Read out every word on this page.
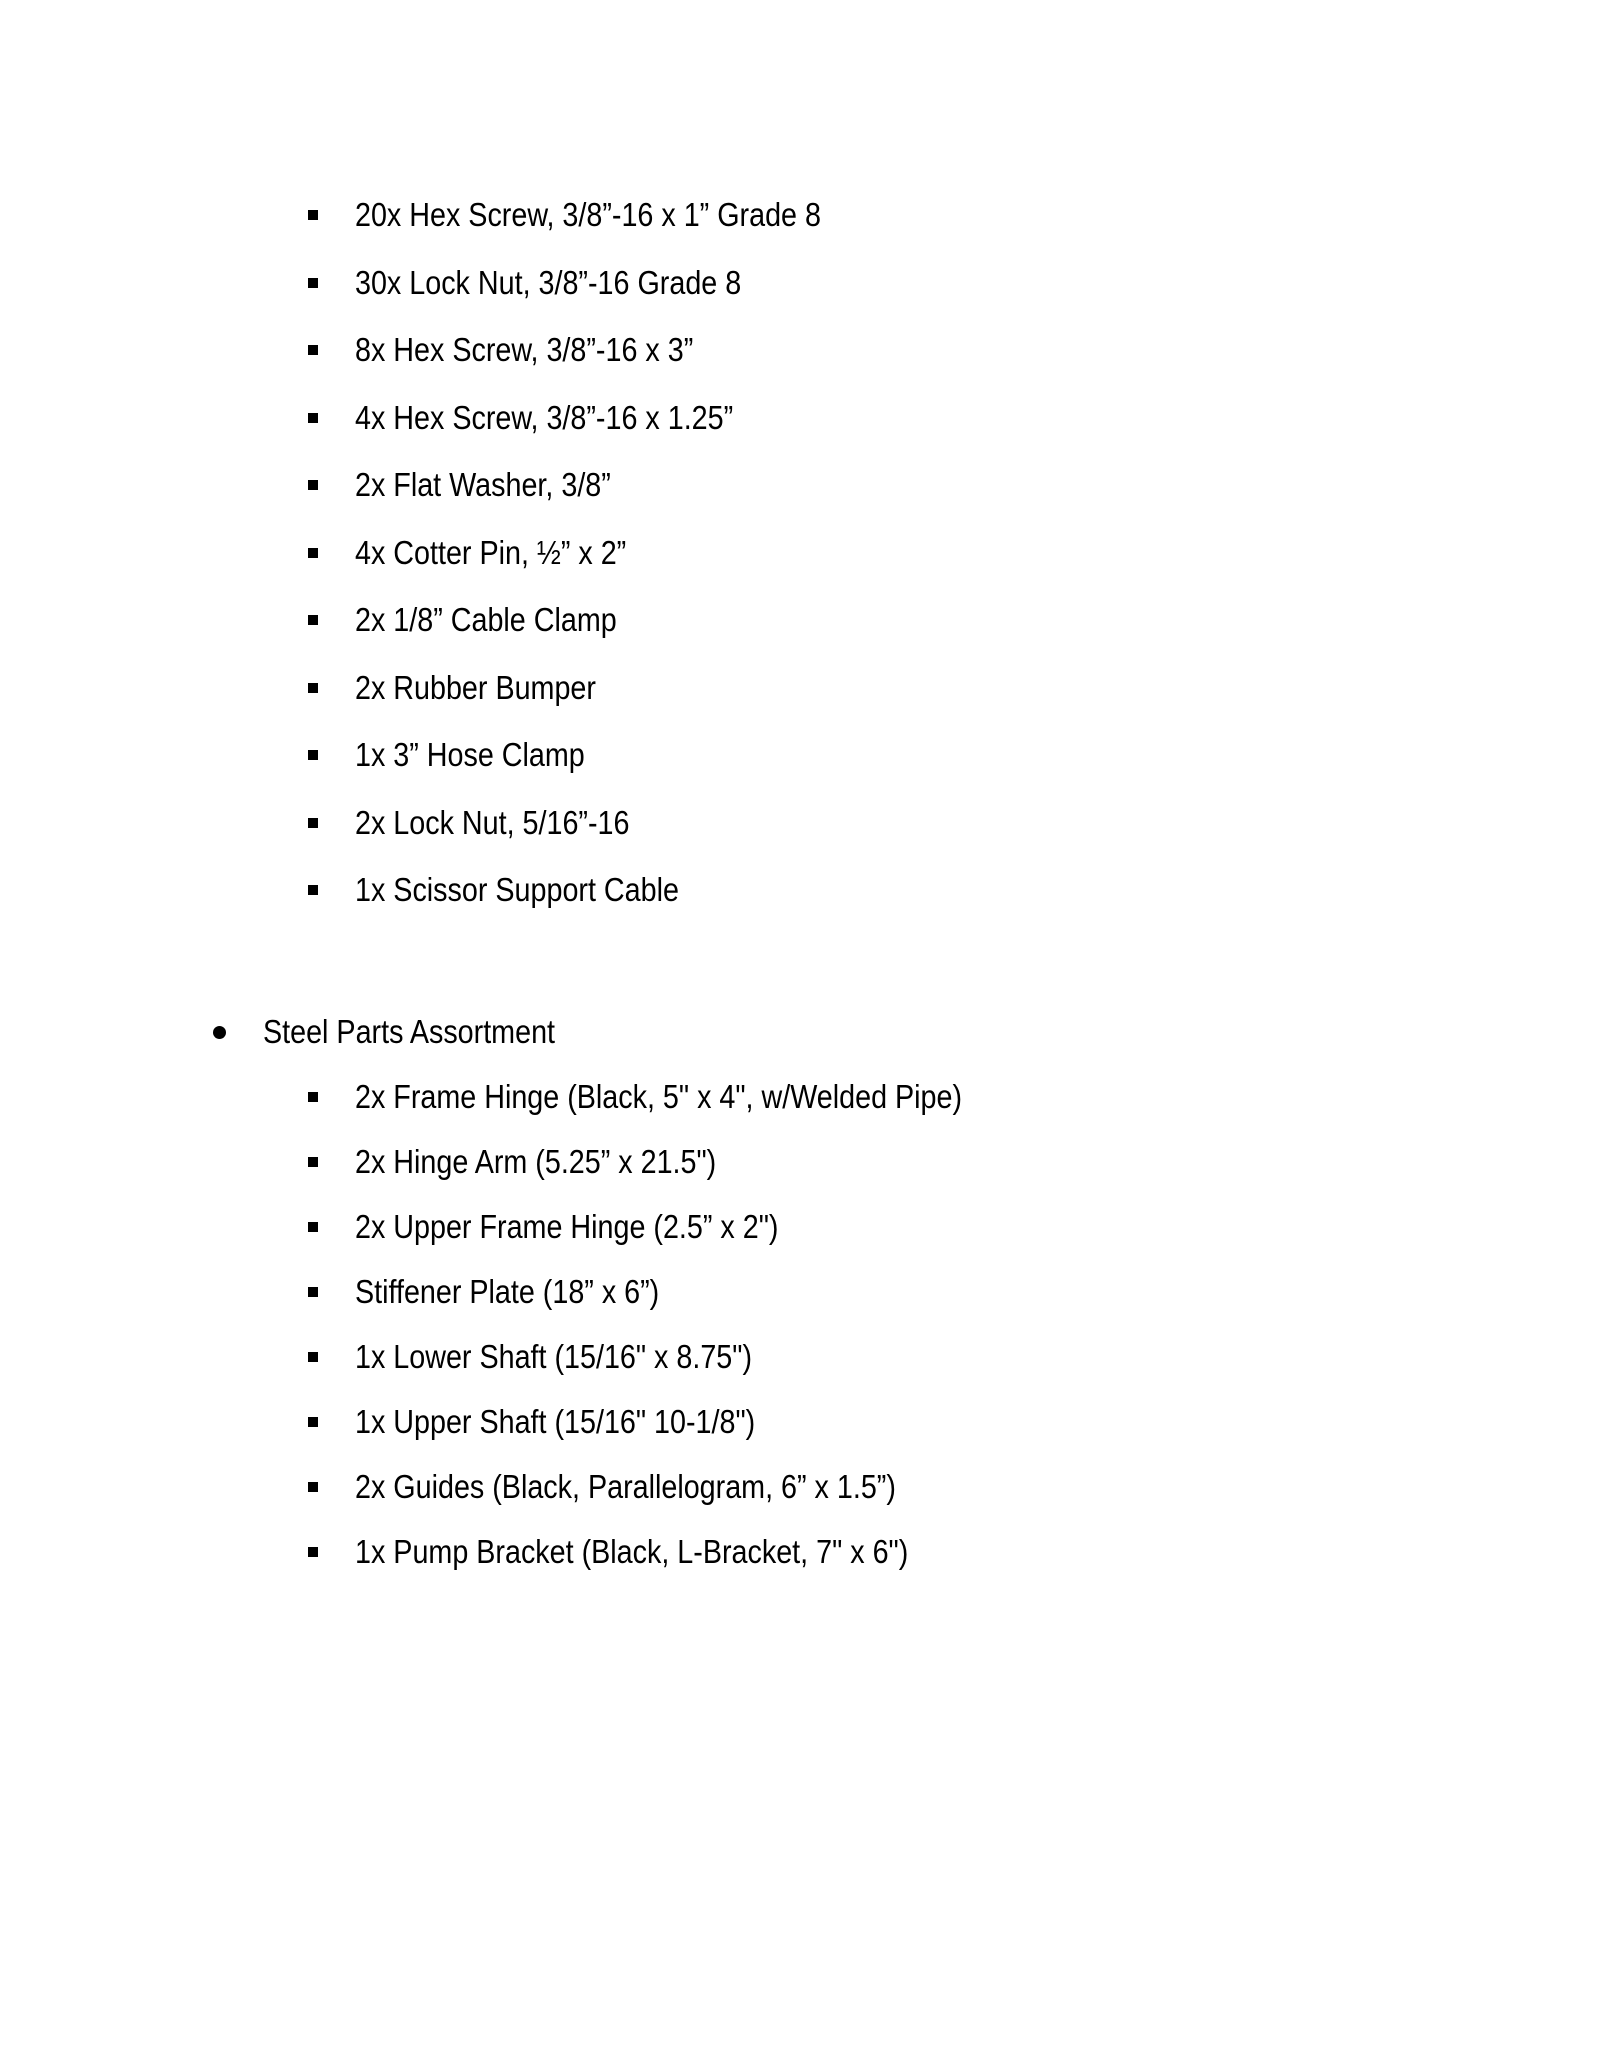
20x Hex Screw, 3/8”-16 x 1” Grade 8
30x Lock Nut, 3/8”-16 Grade 8
8x Hex Screw, 3/8”-16 x 3”
4x Hex Screw, 3/8”-16 x 1.25”
2x Flat Washer, 3/8”
4x Cotter Pin, ½” x 2”
2x 1/8” Cable Clamp
2x Rubber Bumper
1x 3” Hose Clamp
2x Lock Nut, 5/16”-16
1x Scissor Support Cable
Steel Parts Assortment
2x Frame Hinge (Black, 5" x 4", w/Welded Pipe)
2x Hinge Arm (5.25” x 21.5")
2x Upper Frame Hinge (2.5” x 2")
Stiffener Plate (18” x 6”)
1x Lower Shaft (15/16" x 8.75")
1x Upper Shaft (15/16" 10-1/8")
2x Guides (Black, Parallelogram, 6” x 1.5”)
1x Pump Bracket (Black, L-Bracket, 7" x 6")
